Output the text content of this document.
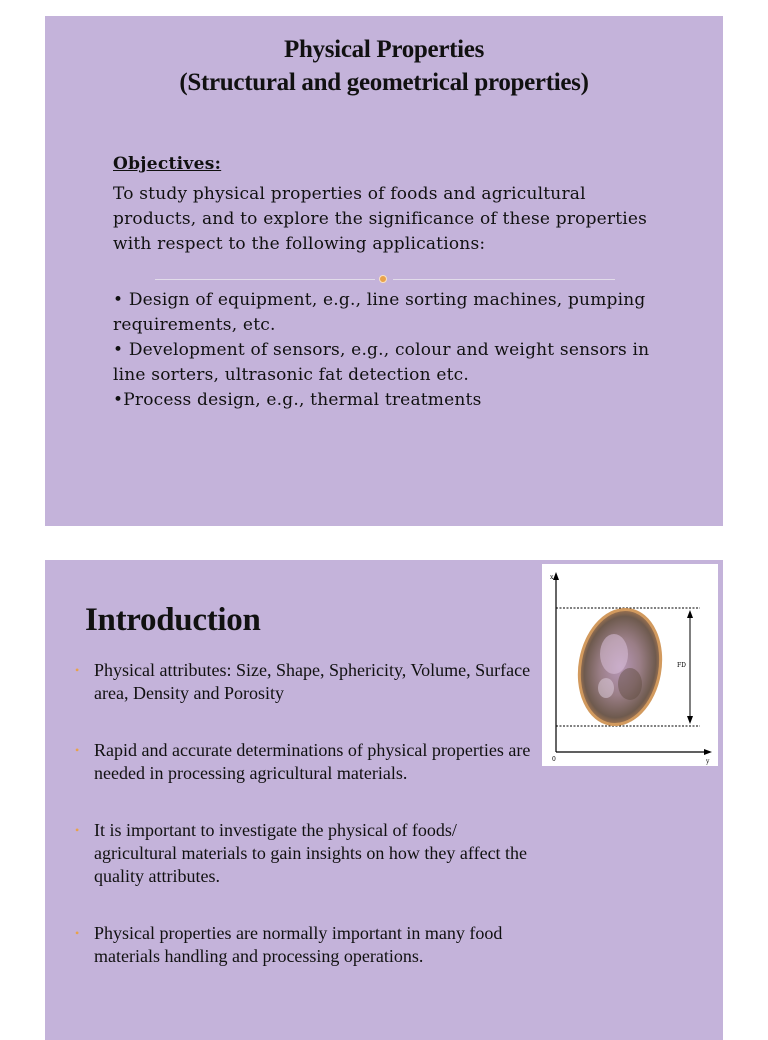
Physical Properties
(Structural and geometrical properties)
Objectives:

To study physical properties of foods and agricultural products, and to explore the significance of these properties with respect to the following applications:

• Design of equipment, e.g., line sorting machines, pumping requirements, etc.

• Development of sensors, e.g., colour and weight sensors in line sorters, ultrasonic fat detection etc.

•Process design, e.g., thermal treatments

Introduction
• Physical attributes: Size, Shape, Sphericity, Volume, Surface area, Density and Porosity
• Rapid and accurate determinations of physical properties are needed in processing agricultural materials.
• It is important to investigate the physical of foods/ agricultural materials to gain insights on how they affect the quality attributes.
• Physical properties are normally important in many food materials handling and processing operations.
x
y
0
FD
